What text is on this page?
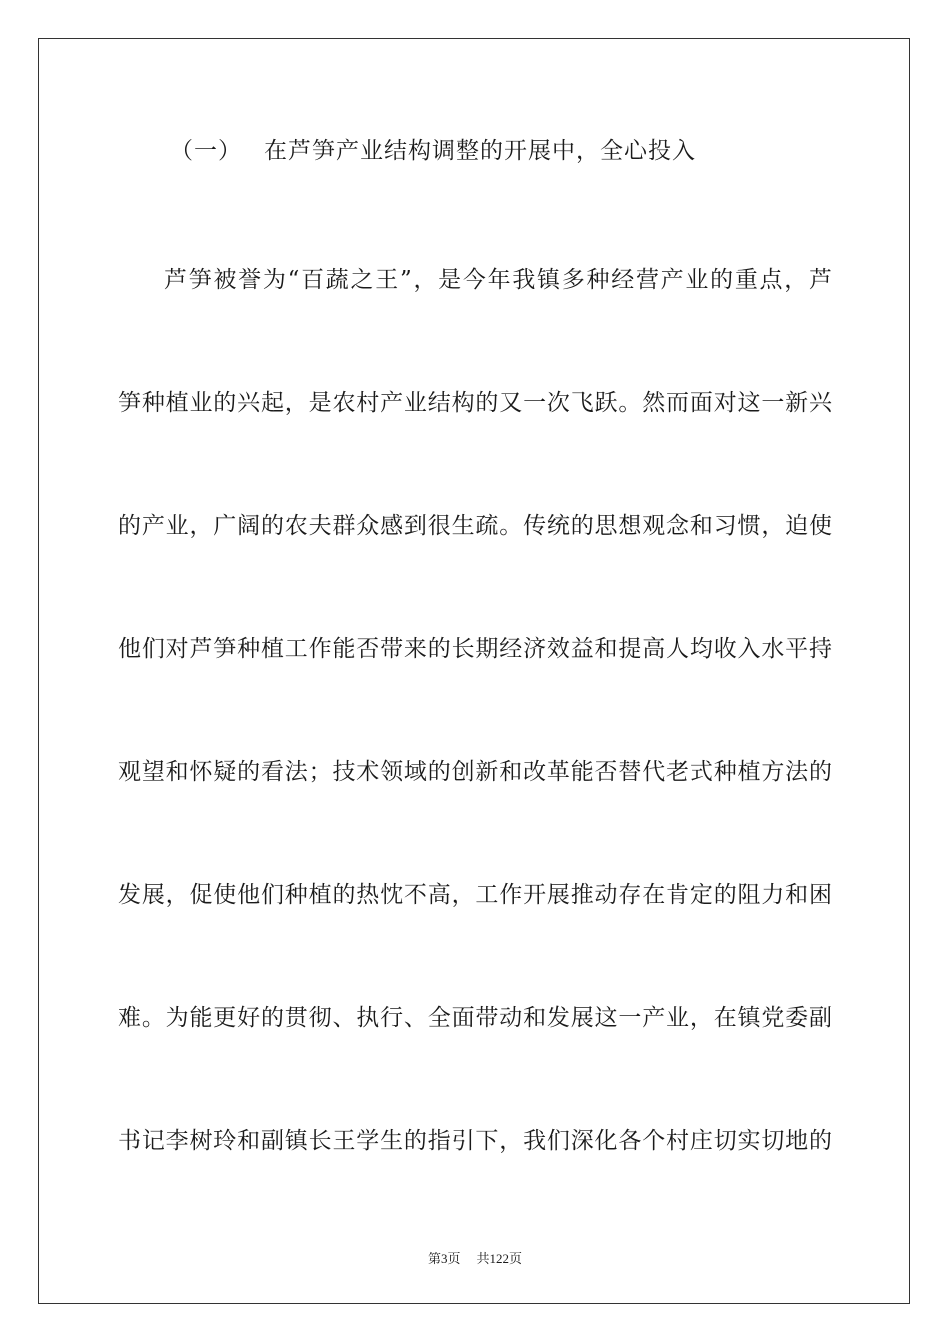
（一） 在芦笋产业结构调整的开展中，全心投入
芦笋被誉为“百蔬之王”，是今年我镇多种经营产业的重点，芦
笋种植业的兴起，是农村产业结构的又一次飞跃。然而面对这一新兴
的产业，广阔的农夫群众感到很生疏。传统的思想观念和习惯，迫使
他们对芦笋种植工作能否带来的长期经济效益和提高人均收入水平持
观望和怀疑的看法；技术领域的创新和改革能否替代老式种植方法的
发展，促使他们种植的热忱不高，工作开展推动存在肯定的阻力和困
难。为能更好的贯彻、执行、全面带动和发展这一产业，在镇党委副
书记李树玲和副镇长王学生的指引下，我们深化各个村庄切实切地的
第3页 共122页
